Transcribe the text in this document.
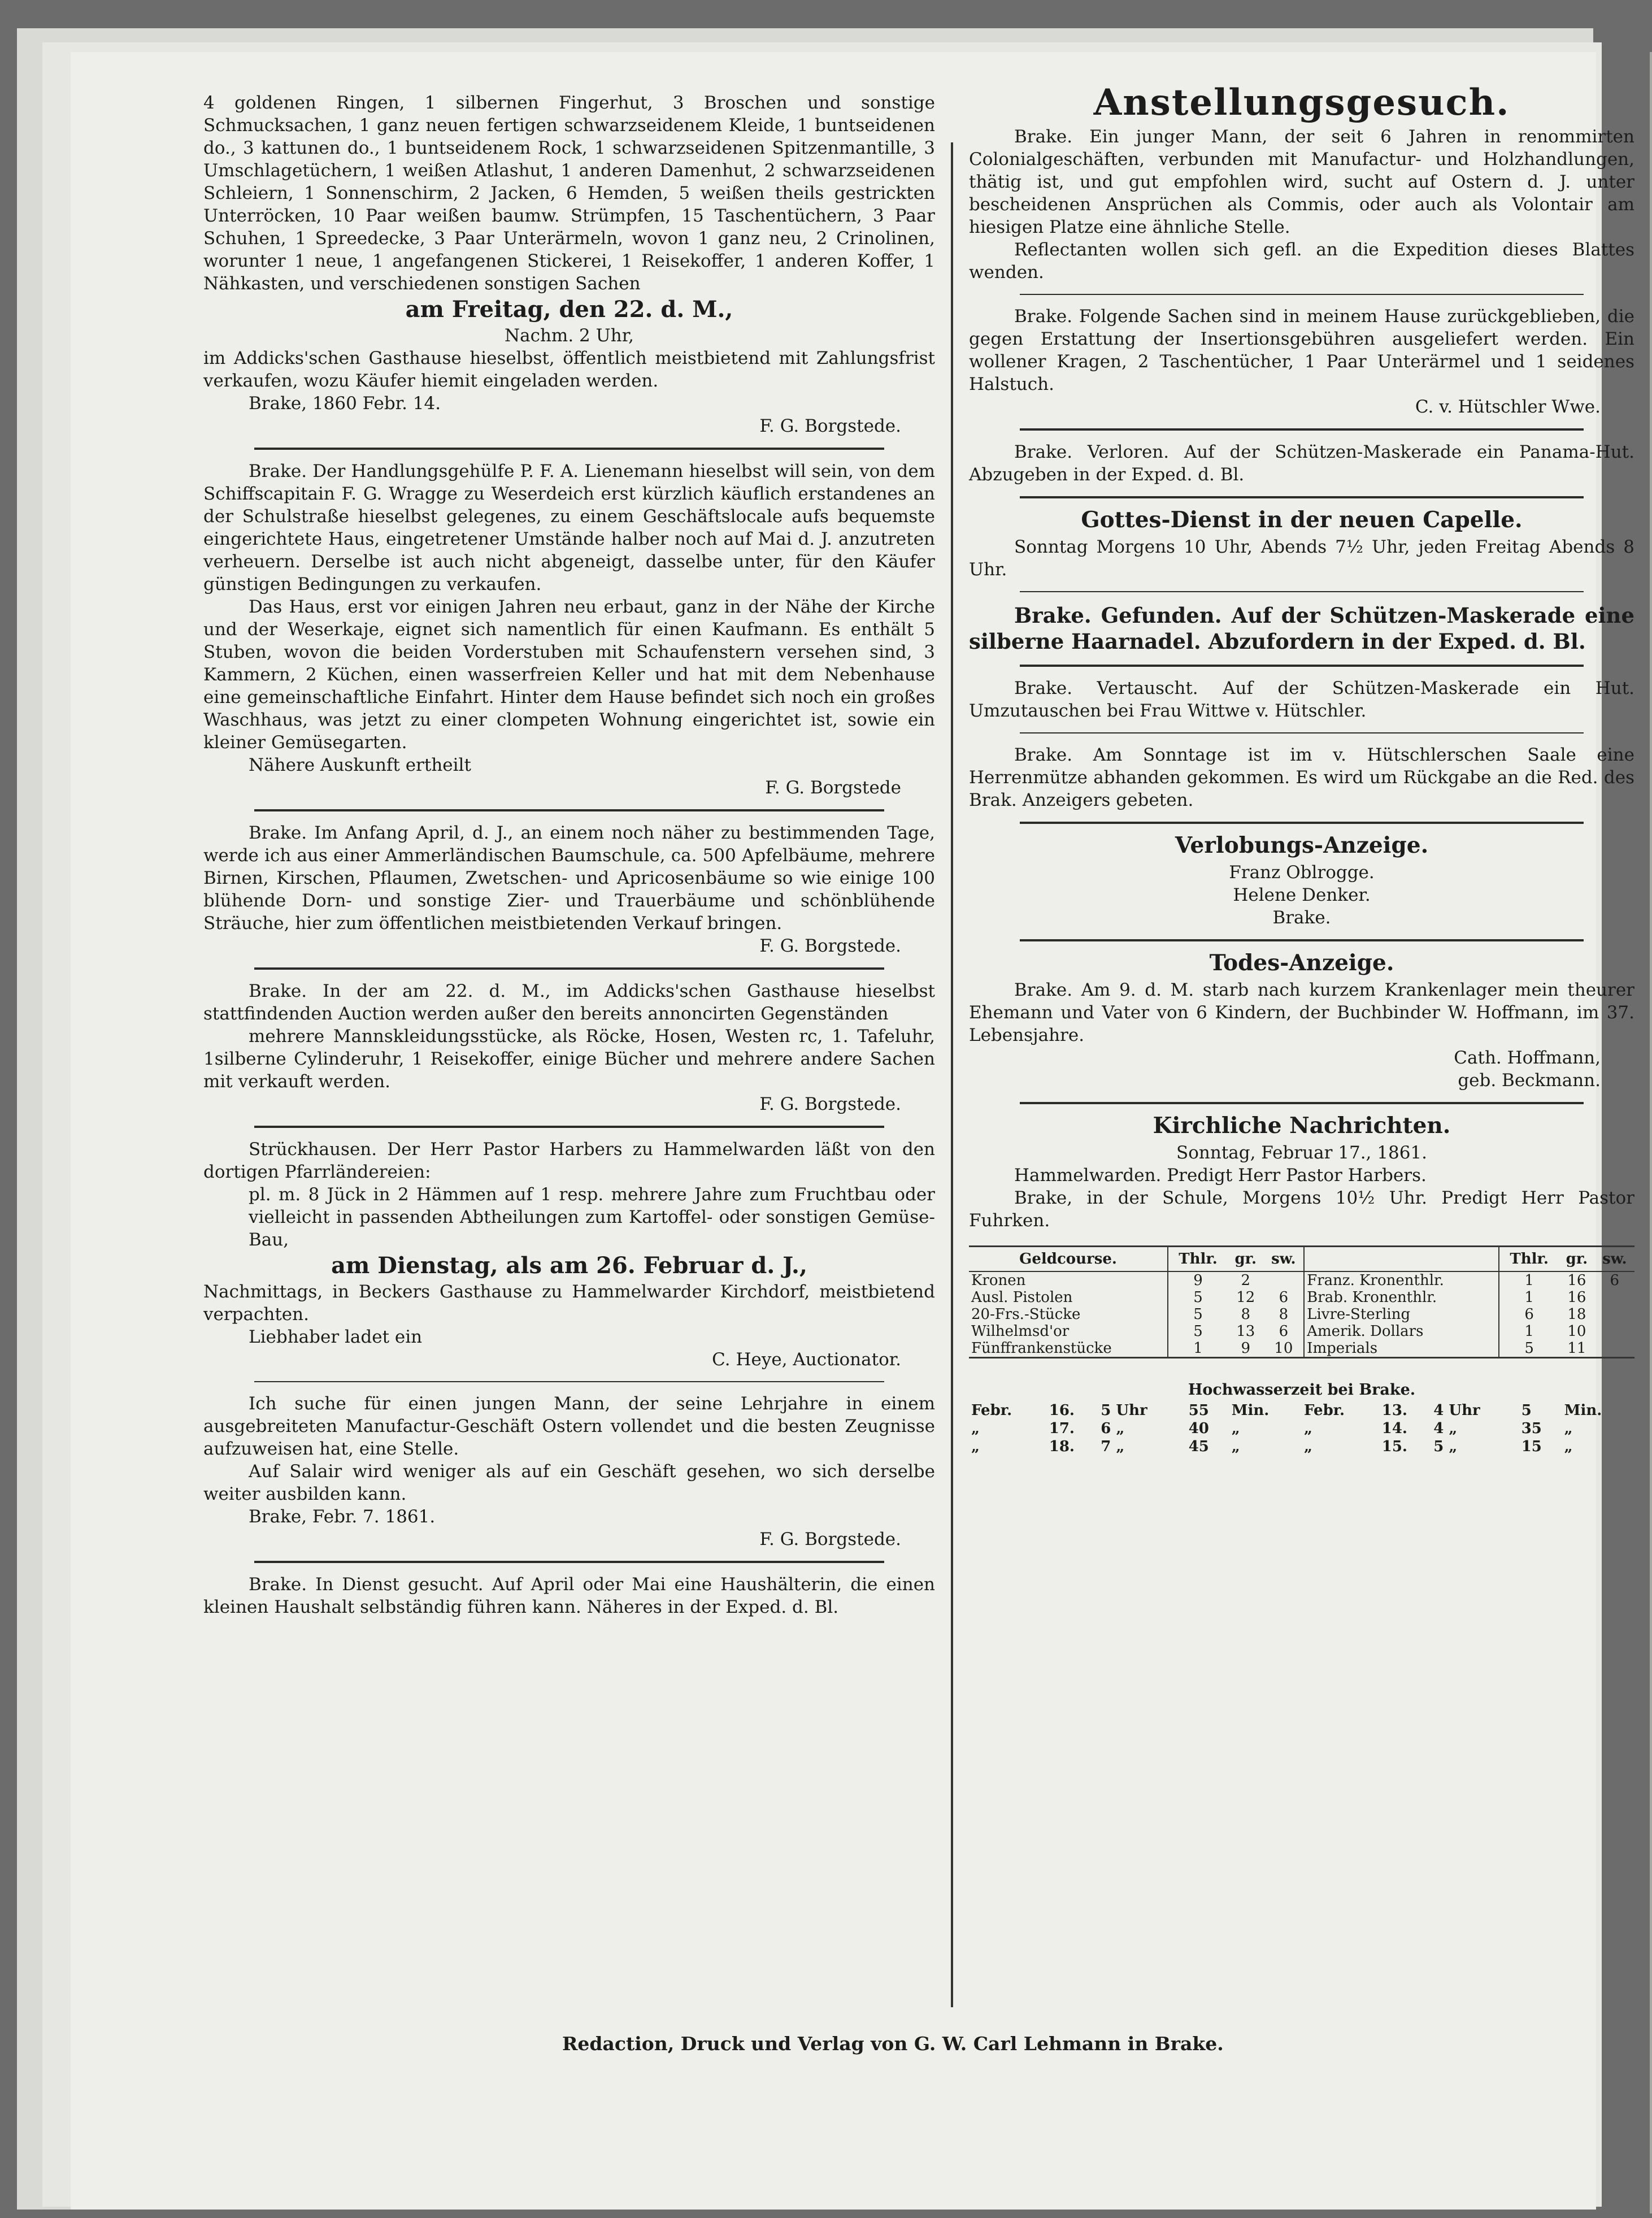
4 goldenen Ringen, 1 silbernen Fingerhut, 3 Broschen und sonstige Schmucksachen, 1 ganz neuen fertigen schwarzseidenem Kleide, 1 buntseidenen do., 3 kattunen do., 1 buntseidenem Rock, 1 schwarzseidenen Spitzenmantille, 3 Umschlagetüchern, 1 weißen Atlashut, 1 anderen Damenhut, 2 schwarzseidenen Schleiern, 1 Sonnenschirm, 2 Jacken, 6 Hemden, 5 weißen theils gestrickten Unterröcken, 10 Paar weißen baumw. Strümpfen, 15 Taschentüchern, 3 Paar Schuhen, 1 Spreedecke, 3 Paar Unterärmeln, wovon 1 ganz neu, 2 Crinolinen, worunter 1 neue, 1 angefangenen Stickerei, 1 Reisekoffer, 1 anderen Koffer, 1 Nähkasten, und verschiedenen sonstigen Sachen

am Freitag, den 22. d. M.,

Nachm. 2 Uhr,

im Addicks'schen Gasthause hieselbst, öffentlich meistbietend mit Zahlungsfrist verkaufen, wozu Käufer hiemit eingeladen werden.

Brake, 1860 Febr. 14.

F. G. Borgstede.

Brake. Der Handlungsgehülfe P. F. A. Lienemann hieselbst will sein, von dem Schiffscapitain F. G. Wragge zu Weserdeich erst kürzlich käuflich erstandenes an der Schulstraße hieselbst gelegenes, zu einem Geschäftslocale aufs bequemste eingerichtete Haus, eingetretener Umstände halber noch auf Mai d. J. anzutreten verheuern. Derselbe ist auch nicht abgeneigt, dasselbe unter, für den Käufer günstigen Bedingungen zu verkaufen.

Das Haus, erst vor einigen Jahren neu erbaut, ganz in der Nähe der Kirche und der Weserkaje, eignet sich namentlich für einen Kaufmann. Es enthält 5 Stuben, wovon die beiden Vorderstuben mit Schaufenstern versehen sind, 3 Kammern, 2 Küchen, einen wasserfreien Keller und hat mit dem Nebenhause eine gemeinschaftliche Einfahrt. Hinter dem Hause befindet sich noch ein großes Waschhaus, was jetzt zu einer clompeten Wohnung eingerichtet ist, sowie ein kleiner Gemüsegarten.

Nähere Auskunft ertheilt

F. G. Borgstede

Brake. Im Anfang April, d. J., an einem noch näher zu bestimmenden Tage, werde ich aus einer Ammerländischen Baumschule, ca. 500 Apfelbäume, mehrere Birnen, Kirschen, Pflaumen, Zwetschen- und Apricosenbäume so wie einige 100 blühende Dorn- und sonstige Zier- und Trauerbäume und schönblühende Sträuche, hier zum öffentlichen meistbietenden Verkauf bringen.

F. G. Borgstede.

Brake. In der am 22. d. M., im Addicks'schen Gasthause hieselbst stattfindenden Auction werden außer den bereits annoncirten Gegenständen

mehrere Mannskleidungsstücke, als Röcke, Hosen, Westen rc, 1. Tafeluhr, 1silberne Cylinderuhr, 1 Reisekoffer, einige Bücher und mehrere andere Sachen mit verkauft werden.

F. G. Borgstede.

Strückhausen. Der Herr Pastor Harbers zu Hammelwarden läßt von den dortigen Pfarrländereien:

pl. m. 8 Jück in 2 Hämmen auf 1 resp. mehrere Jahre zum Fruchtbau oder vielleicht in passenden Abtheilungen zum Kartoffel- oder sonstigen Gemüse-Bau,

am Dienstag, als am 26. Februar d. J.,

Nachmittags, in Beckers Gasthause zu Hammelwarder Kirchdorf, meistbietend verpachten.

Liebhaber ladet ein

C. Heye, Auctionator.

Ich suche für einen jungen Mann, der seine Lehrjahre in einem ausgebreiteten Manufactur-Geschäft Ostern vollendet und die besten Zeugnisse aufzuweisen hat, eine Stelle.

Auf Salair wird weniger als auf ein Geschäft gesehen, wo sich derselbe weiter ausbilden kann.

Brake, Febr. 7. 1861.

F. G. Borgstede.

Brake. In Dienst gesucht. Auf April oder Mai eine Haushälterin, die einen kleinen Haushalt selbständig führen kann. Näheres in der Exped. d. Bl.

Anstellungsgesuch.

Brake. Ein junger Mann, der seit 6 Jahren in renommirten Colonialgeschäften, verbunden mit Manufactur- und Holzhandlungen, thätig ist, und gut empfohlen wird, sucht auf Ostern d. J. unter bescheidenen Ansprüchen als Commis, oder auch als Volontair am hiesigen Platze eine ähnliche Stelle.

Reflectanten wollen sich gefl. an die Expedition dieses Blattes wenden.

Brake. Folgende Sachen sind in meinem Hause zurückgeblieben, die gegen Erstattung der Insertionsgebühren ausgeliefert werden. Ein wollener Kragen, 2 Taschentücher, 1 Paar Unterärmel und 1 seidenes Halstuch.

C. v. Hütschler Wwe.

Brake. Verloren. Auf der Schützen-Maskerade ein Panama-Hut. Abzugeben in der Exped. d. Bl.

Gottes-Dienst in der neuen Capelle.

Sonntag Morgens 10 Uhr, Abends 7½ Uhr, jeden Freitag Abends 8 Uhr.

Brake. Gefunden. Auf der Schützen-Maskerade eine silberne Haarnadel. Abzufordern in der Exped. d. Bl.

Brake. Vertauscht. Auf der Schützen-Maskerade ein Hut. Umzutauschen bei Frau Wittwe v. Hütschler.

Brake. Am Sonntage ist im v. Hütschlerschen Saale eine Herrenmütze abhanden gekommen. Es wird um Rückgabe an die Red. des Brak. Anzeigers gebeten.

Verlobungs-Anzeige.

Franz Oblrogge.

Helene Denker.

Brake.

Todes-Anzeige.

Brake. Am 9. d. M. starb nach kurzem Krankenlager mein theurer Ehemann und Vater von 6 Kindern, der Buchbinder W. Hoffmann, im 37. Lebensjahre.

Cath. Hoffmann,

geb. Beckmann.

Kirchliche Nachrichten.

Sonntag, Februar 17., 1861.

Hammelwarden. Predigt Herr Pastor Harbers.

Brake, in der Schule, Morgens 10½ Uhr. Predigt Herr Pastor Fuhrken.

Geldcourse.	Thlr.	gr.	sw.		Thlr.	gr.	sw.
Kronen	9	2		Franz. Kronenthlr.	1	16	6
Ausl. Pistolen	5	12	6	Brab. Kronenthlr.	1	16	
20-Frs.-Stücke	5	8	8	Livre-Sterling	6	18	
Wilhelmsd'or	5	13	6	Amerik. Dollars	1	10	
Fünffrankenstücke	1	9	10	Imperials	5	11	

Hochwasserzeit bei Brake.

Febr.	16.	5 Uhr	55	Min.	Febr.	13.	4 Uhr	5	Min.
„	17.	6 „	40	„	„	14.	4 „	35	„
„	18.	7 „	45	„	„	15.	5 „	15	„

Redaction, Druck und Verlag von G. W. Carl Lehmann in Brake.
